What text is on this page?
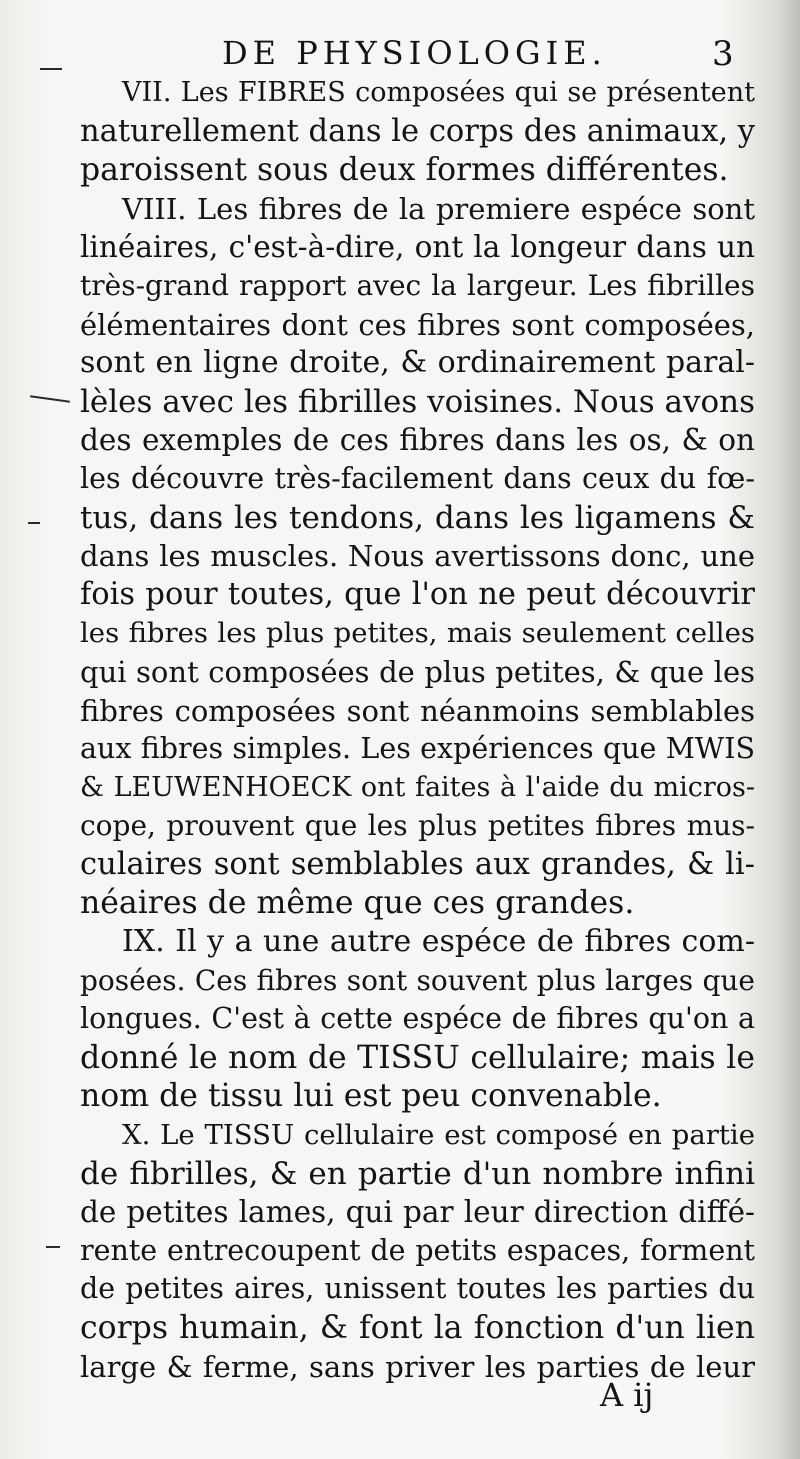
DE PHYSIOLOGIE.	3
VII. Les FIBRES composées qui se présentent
naturellement dans le corps des animaux, y
paroissent sous deux formes différentes.
VIII. Les fibres de la premiere espéce sont
linéaires, c'est-à-dire, ont la longeur dans un
très-grand rapport avec la largeur. Les fibrilles
élémentaires dont ces fibres sont composées,
sont en ligne droite, & ordinairement paral-
lèles avec les fibrilles voisines. Nous avons
des exemples de ces fibres dans les os, & on
les découvre très-facilement dans ceux du fœ-
tus, dans les tendons, dans les ligamens &
dans les muscles. Nous avertissons donc, une
fois pour toutes, que l'on ne peut découvrir
les fibres les plus petites, mais seulement celles
qui sont composées de plus petites, & que les
fibres composées sont néanmoins semblables
aux fibres simples. Les expériences que MWIS
& LEUWENHOECK ont faites à l'aide du micros-
cope, prouvent que les plus petites fibres mus-
culaires sont semblables aux grandes, & li-
néaires de même que ces grandes.
IX. Il y a une autre espéce de fibres com-
posées. Ces fibres sont souvent plus larges que
longues. C'est à cette espéce de fibres qu'on a
donné le nom de TISSU cellulaire; mais le
nom de tissu lui est peu convenable.
X. Le TISSU cellulaire est composé en partie
de fibrilles, & en partie d'un nombre infini
de petites lames, qui par leur direction diffé-
rente entrecoupent de petits espaces, forment
de petites aires, unissent toutes les parties du
corps humain, & font la fonction d'un lien
large & ferme, sans priver les parties de leur
A ij
